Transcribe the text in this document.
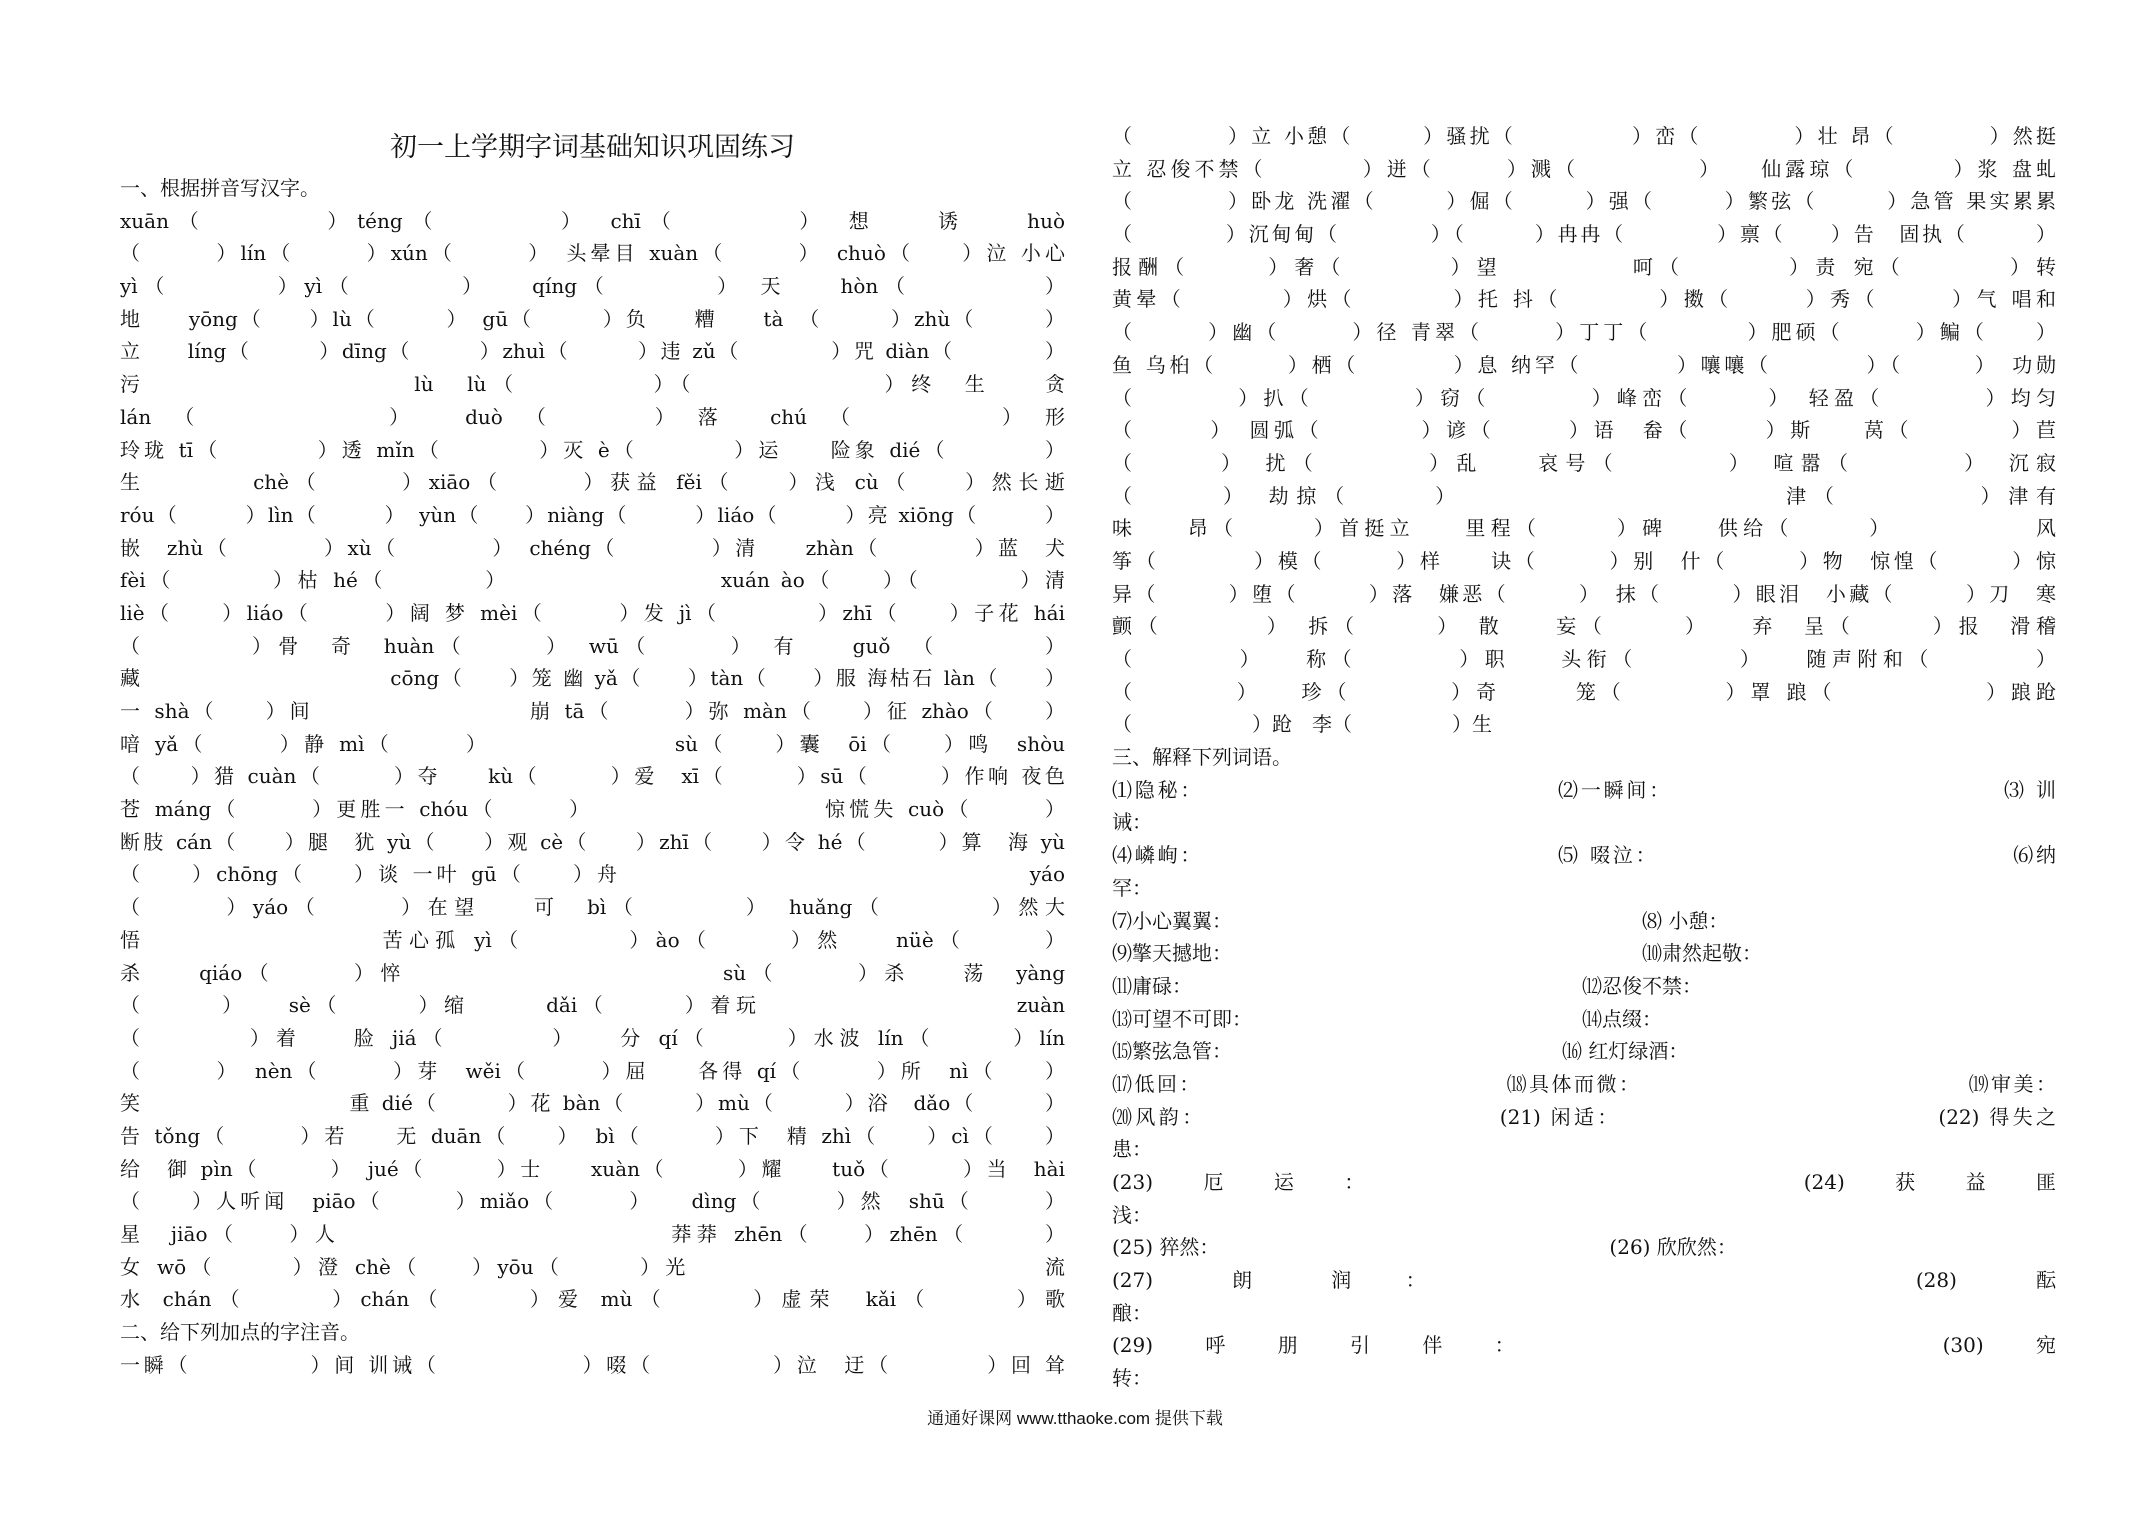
初一上学期字词基础知识巩固练习
一、根据拼音写汉字。
xuān（　　　　）téng（　　　　）　chī（　　　　）　想　　诱　　huò
（　　　）lín（　　　）xún（　　　）　头晕目 xuàn（　　　）　chuò（　　）泣 小心
yì（　　　　）yì（　　　　）　　qíng（　　　　）　天　　hòn（　　　　　）
地　　yōng（　　）lù（　　　）　gū（　　　）负　　糟　　tà　（　　　）zhù（　　　）
立　　líng（　　　）dīng（　　　）zhuì（　　　）违 zǔ（　　　　）咒 diàn（　　　　）
污　　　　　　　　　　lù　lù（　　　　　）（　　　　　　　）终　生　　贪
lán（　　　　）　duò（　　）落 chú（　　　）形
玲珑 tī（　　　　）透 mǐn（　　　　）灭 è（　　　　）运　　险象 dié（　　　　）
生　　　　chè（　　　）xiāo（　　　）获益 fěi（　　）浅 cù（　　）然长逝
róu（　　　）lìn（　　　）　yùn（　　）niàng（　　　）liáo（　　　）亮 xiōng（　　　）
嵌　zhù（　　　　）xù（　　　　）　chéng（　　　　）清　　zhàn（　　　　）蓝　犬
fèi（　　　　）枯 hé（　　　　）　　　　　　　　　xuán ào（　　）（　　　　）清
liè（　　）liáo（　　　）阔 梦 mèi（　　　）发 jì（　　　　）zhī（　　）子花 hái
（　　　　）骨　奇　huàn（　　　）　wū（　　　）　有　　guǒ　（　　　　）
藏　　　　　　　　　　　cōng（　　）笼 幽 yǎ（　　）tàn（　　）服 海枯石 làn（　　）
一 shà（　　）间　　　　　　　　　崩 tā（　　　）弥 màn（　　）征 zhào（　　）
喑 yǎ（　　　）静 mì（　　　）　　　　　　　　sù（　　）囊　ōi（　　）鸣　shòu
（　　）猎 cuàn（　　　）夺　　kù（　　　）爱　xī（　　　）sū（　　　）作响 夜色
苍 máng（　　　）更胜一 chóu（　　　）　　　　　　　　　　惊慌失 cuò（　　　）
断肢 cán（　　）腿　犹 yù（　　）观 cè（　　）zhī（　　）令 hé（　　　）算　海 yù
（　　）chōng（　　）谈 一叶 gū（　　）舟　　　　　　　　　　　　　　　　　yáo
（　　　）yáo（　　　）在望　　可　bì（　　　　）　huǎng（　　　　）然大
悟　　　　　　　　　苦心孤 yì（　　　　）ào（　　　）然　　nüè（　　　）
杀　　qiáo（　　　）悴　　　　　　　　　　　　sù（　　　）杀　　荡　yàng
（　　　）　　sè（　　　）缩　　　dǎi（　　　）着玩　　　　　　　　　　zuàn
（　　　　）着　　脸 jiá（　　　　）　　分 qí（　　　）水波 lín（　　　）lín
（　　　）　nèn（　　　）芽　wěi（　　　）屈　　各得 qí（　　　）所　nì（　　）
笑　　　　　　　　　重 dié（　　　）花 bàn（　　　）mù（　　　）浴　dǎo（　　　）
告 tǒng（　　　）若　　无 duān（　　）　bì（　　　）下　精 zhì（　　）cì（　　）
给　御 pìn（　　　）　jué（　　　）士　　xuàn（　　　）耀　　tuǒ（　　　）当　hài
（　　）人听闻　piāo（　　　）miǎo（　　　）　　dìng（　　　）然　shū（　　　）
星　jiāo（　　）人　　　　　　　　　　　　　莽莽 zhēn（　　）zhēn（　　　）
女 wō（　　　）澄 chè（　　）yōu（　　　）光　　　　　　　　　　　　　　流
水 chán（　　　）chán（　　　）爱 mù（　　　）虚荣　kǎi（　　　）歌
二、给下列加点的字注音。
一瞬（　　　　　）间 训诫（　　　　　　）啜（　　　　　）泣　迂（　　　　）回 耸
（　　　　）立 小憩（　　　）骚扰（　　　　　）峦（　　　　）壮 昂（　　　　）然挺
立 忍俊不禁（　　　　）迸（　　　）溅（　　　　　）　　仙露琼（　　　　）浆 盘虬
（　　　　）卧龙 洗濯（　　　）倔（　　　）强（　　　）繁弦（　　　）急管 果实累累
（　　　　）沉甸甸（　　　　）（　　　）冉冉（　　　　）禀（　　）告　固执（　　　）
报酬（　　　）奢（　　　　）望　　　　　呵（　　　　）责 宛（　　　　）转
黄晕（　　　　）烘（　　　　）托 抖（　　　　）擞（　　　）秀（　　　）气 唱和
（　　　）幽（　　　）径 青翠（　　　）丁丁（　　　　）肥硕（　　　）鳊（　　）
鱼 乌桕（　　　）栖（　　　　）息 纳罕（　　　　）嚷嚷（　　　　）（　　　）　功勋
（　　　　）扒（　　　　）窃（　　　　）峰峦（　　　）　轻盈（　　　　）均匀
（　　　）　圆弧（　　　　）谚（　　　）语　畚（　　　）斯　　莴（　　　　）苣
（　　　）　扰（　　　　）乱　　哀号（　　　　）　喧嚣（　　　　）　沉寂
（　　　）　劫掠（　　　）　　　　　　　　　　　　津（　　　　　）津有
味　　昂（　　　）首挺立　　里程（　　　）碑　　供给（　　　）　　　　　　风
筝（　　　　）模（　　　）样　　诀（　　　）别　什（　　　）物　惊惶（　　　）惊
异（　　　）堕（　　　）落　嫌恶（　　　）　抹（　　　）眼泪　小藏（　　　）刀　寒
颤（　　　　）　拆（　　　）　散　　妄（　　　）　　弃　呈（　　　）报　滑稽
（　　　　）　　称（　　　　）职　　头衔（　　　　）　　随声附和（　　　　）
（　　　　）　　珍（　　　　）奇　　　笼（　　　　）罩 踉（　　　　　　）踉跄
（　　　　　　）跄　李（　　　　　）生
三、解释下列词语。
⑴隐秘：　　　　　　　　　　　　　　　　⑵一瞬间：　　　　　　　　　　　　　　　⑶ 训
诫：
⑷嶙峋：　　　　　　　　　　　　　　　　⑸ 啜泣：　　　　　　　　　　　　　　　　⑹纳
罕：
⑺小心翼翼：　　　　　　　　　　　　　　　　　　　　　⑻ 小憩：
⑼擎天撼地：　　　　　　　　　　　　　　　　　　　　　⑽肃然起敬：
⑾庸碌：　　　　　　　　　　　　　　　　　　　　⑿忍俊不禁：
⒀可望不可即：　　　　　　　　　　　　　　　　　⒁点缀：
⒂繁弦急管：　　　　　　　　　　　　　　　　　⒃ 红灯绿酒：
⒄低回：　　　　　　　　　　　　　　⒅具体而微：　　　　　　　　　　　　　　　⒆审美：
⒇风韵：　　　　　　　　　　　　　(21) 闲适：　　　　　　　　　　　　　　(22) 得失之
患：
(23)　　厄　　运　　：　　　　　　　　　　　　　　　　　　　(24)　　获　　益　　匪
浅：
(25) 猝然：　　　　　　　　　　　　　　　　　　　　(26) 欣欣然：
(27)　　　朗　　　润　　：　　　　　　　　　　　　　　　　　　　　(28)　　　酝
酿：
(29)　　呼　　朋　　引　　伴　　：　　　　　　　　　　　　　　　　　　(30)　　宛
转：
通通好课网 www.tthaoke.com 提供下载
